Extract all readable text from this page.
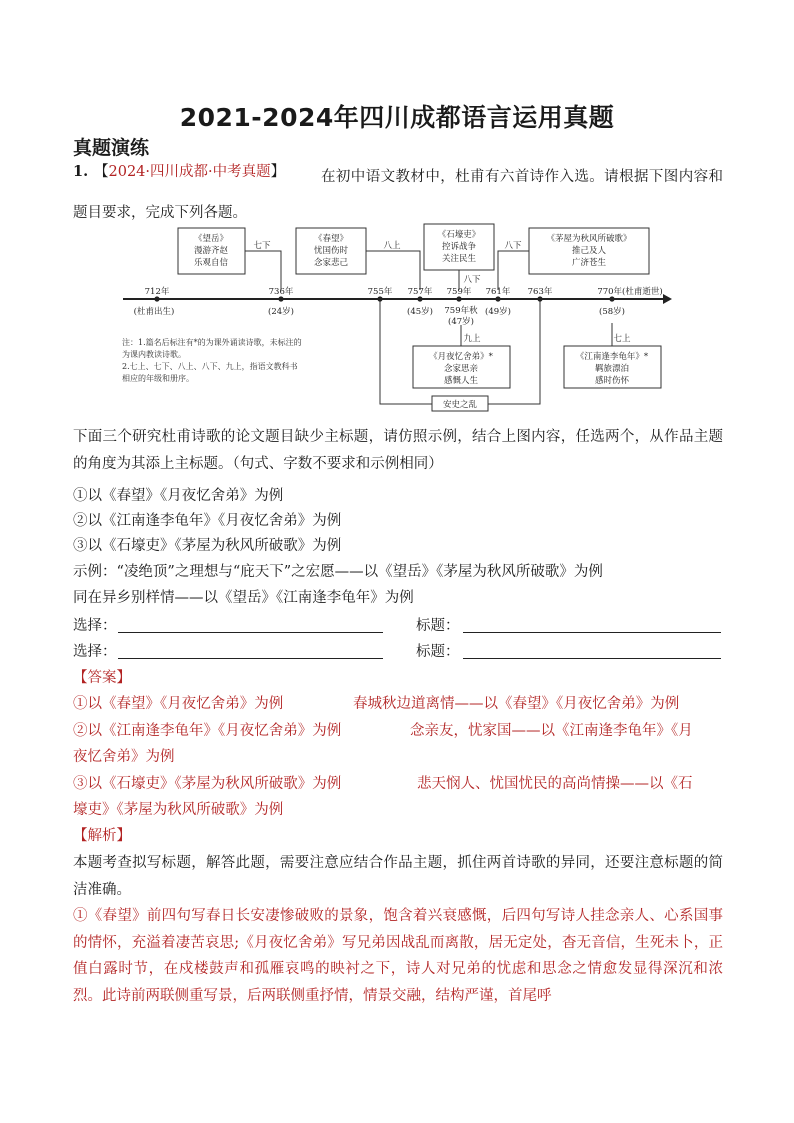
2021-2024年四川成都语言运用真题
真题演练
1. 【2024·四川成都·中考真题】	在初中语文教材中，杜甫有六首诗作入选。请根据下图内容和题目要求，完成下列各题。
《望岳》漫游齐赵乐观自信
《春望》忧国伤时念家悲己
《石壕吏》控诉战争关注民生
《茅屋为秋风所破歌》推己及人广济苍生
《月夜忆舍弟》*念家思亲感慨人生
《江南逢李龟年》*羁旅漂泊感时伤怀
安史之乱
七下	八上
八下
八下
九上	七上
712年	736年	755年 757年 759年 761年 763年	770年(杜甫逝世)
759年秋
(杜甫出生)	(24岁)	(45岁)
(47岁)
(49岁)	(58岁)
注：1.篇名后标注有*的为课外诵读诗歌，未标注的
为课内教读诗歌。
2.七上、七下、八上、八下、九上，指语文教科书
相应的年级和册序。
下面三个研究杜甫诗歌的论文题目缺少主标题，请仿照示例，结合上图内容，任选两个，从作品主题的角度为其添上主标题。（句式、字数不要求和示例相同）
①以《春望》《月夜忆舍弟》为例
②以《江南逢李龟年》《月夜忆舍弟》为例
③以《石壕吏》《茅屋为秋风所破歌》为例
示例：“凌绝顶”之理想与“庇天下”之宏愿——以《望岳》《茅屋为秋风所破歌》为例
同在异乡别样情——以《望岳》《江南逢李龟年》为例
选择：	标题：
选择：	标题：
【答案】
①以《春望》《月夜忆舍弟》为例	春城秋边道离情——以《春望》《月夜忆舍弟》为例
②以《江南逢李龟年》《月夜忆舍弟》为例	念亲友，忧家国——以《江南逢李龟年》《月
夜忆舍弟》为例
③以《石壕吏》《茅屋为秋风所破歌》为例	悲天悯人、忧国忧民的高尚情操——以《石
壕吏》《茅屋为秋风所破歌》为例
【解析】
本题考查拟写标题，解答此题，需要注意应结合作品主题，抓住两首诗歌的异同，还要注意标题的简洁准确。
①《春望》前四句写春日长安凄惨破败的景象，饱含着兴衰感慨，后四句写诗人挂念亲人、心系国事的情怀，充溢着凄苦哀思;《月夜忆舍弟》写兄弟因战乱而离散，居无定处，杳无音信，生死未卜，正值白露时节，在戍楼鼓声和孤雁哀鸣的映衬之下，诗人对兄弟的忧虑和思念之情愈发显得深沉和浓烈。此诗前两联侧重写景，后两联侧重抒情，情景交融，结构严谨，首尾呼
